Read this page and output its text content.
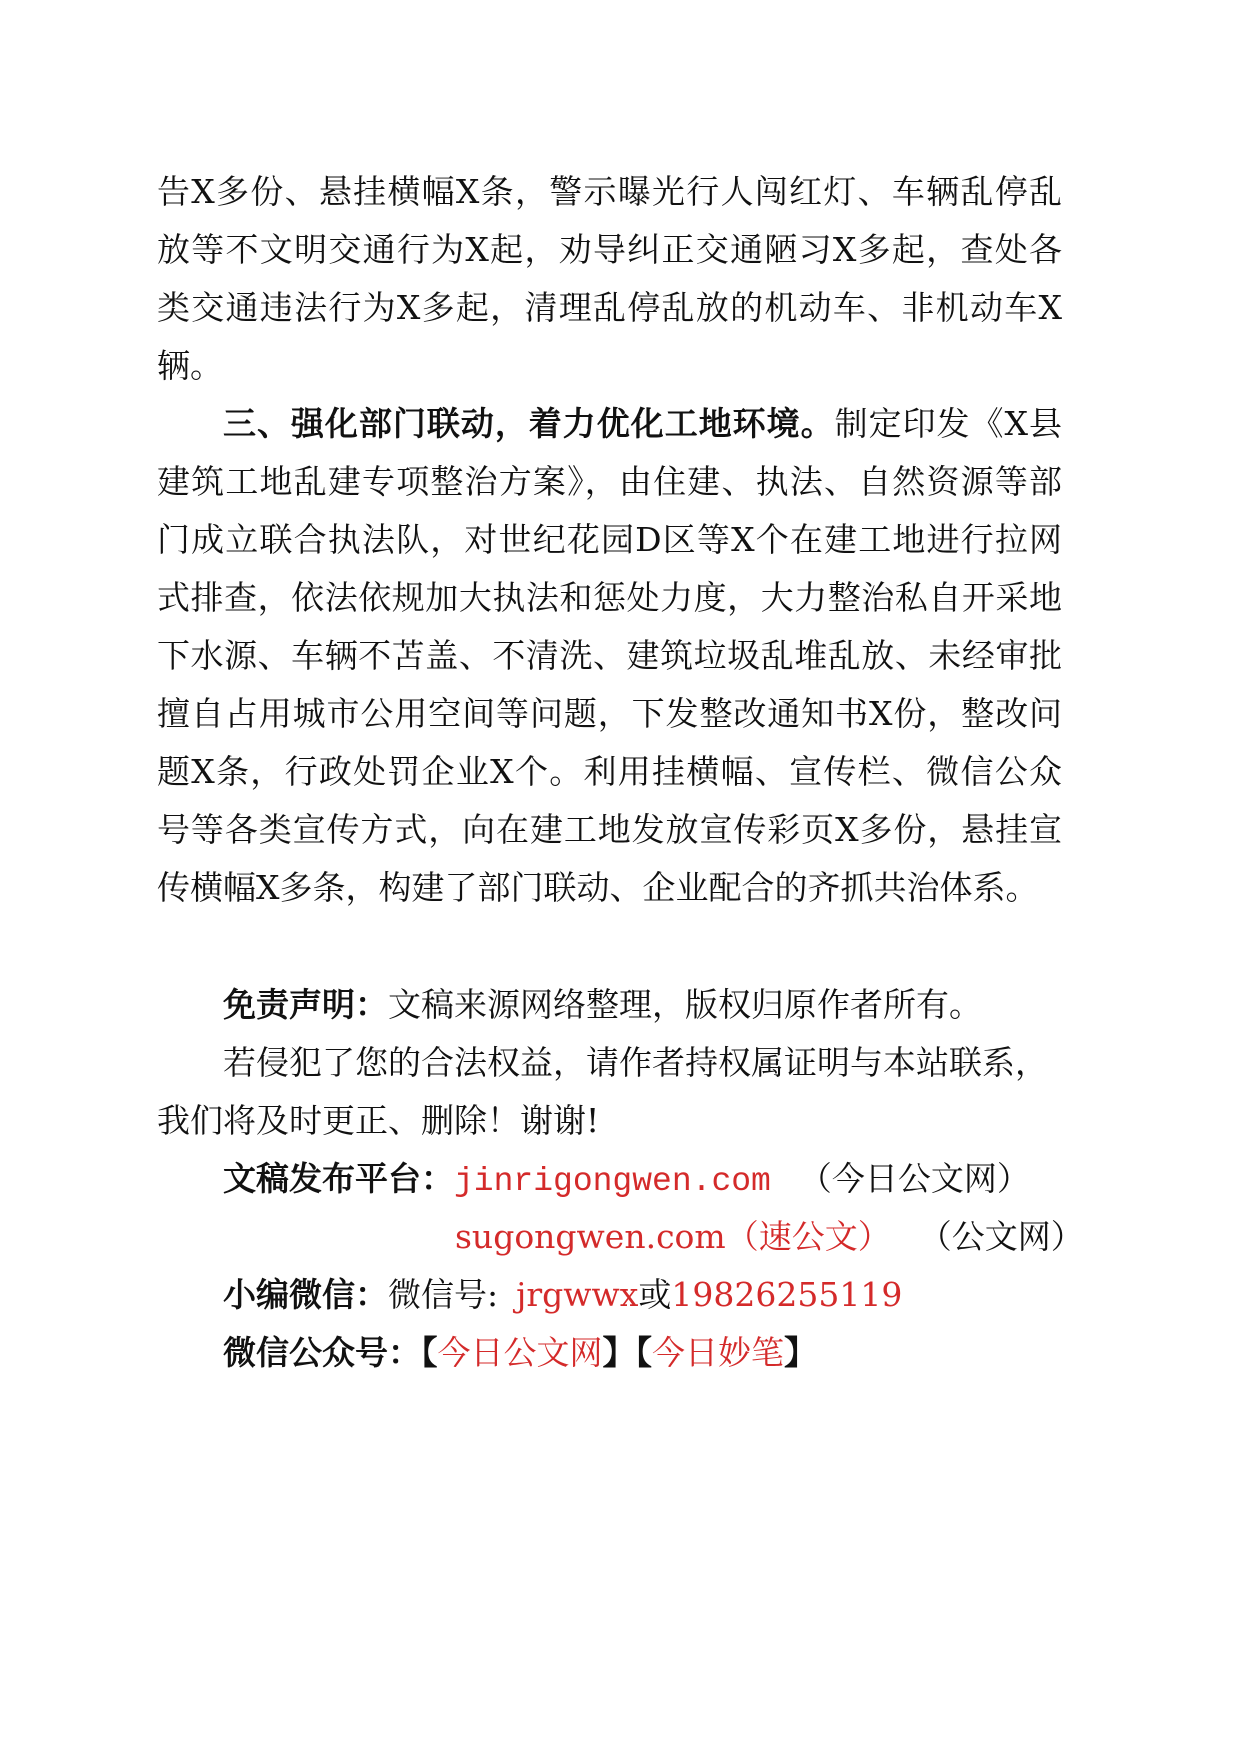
告X多份、悬挂横幅X条，警示曝光行人闯红灯、车辆乱停乱
放等不文明交通行为X起，劝导纠正交通陋习X多起，查处各
类交通违法行为X多起，清理乱停乱放的机动车、非机动车X
辆。
三、强化部门联动，着力优化工地环境。制定印发《X县
建筑工地乱建专项整治方案》，由住建、执法、自然资源等部
门成立联合执法队，对世纪花园D区等X个在建工地进行拉网
式排查，依法依规加大执法和惩处力度，大力整治私自开采地
下水源、车辆不苫盖、不清洗、建筑垃圾乱堆乱放、未经审批
擅自占用城市公用空间等问题，下发整改通知书X份，整改问
题X条，行政处罚企业X个。利用挂横幅、宣传栏、微信公众
号等各类宣传方式，向在建工地发放宣传彩页X多份，悬挂宣
传横幅X多条，构建了部门联动、企业配合的齐抓共治体系。
免责声明：文稿来源网络整理，版权归原作者所有。
若侵犯了您的合法权益，请作者持权属证明与本站联系，
我们将及时更正、删除！谢谢!
文稿发布平台：jinrigongwen.com （今日公文网）
sugongwen.com（速公文） （公文网）
小编微信：微信号: jrgwwx或19826255119
微信公众号：【今日公文网】【今日妙笔】
